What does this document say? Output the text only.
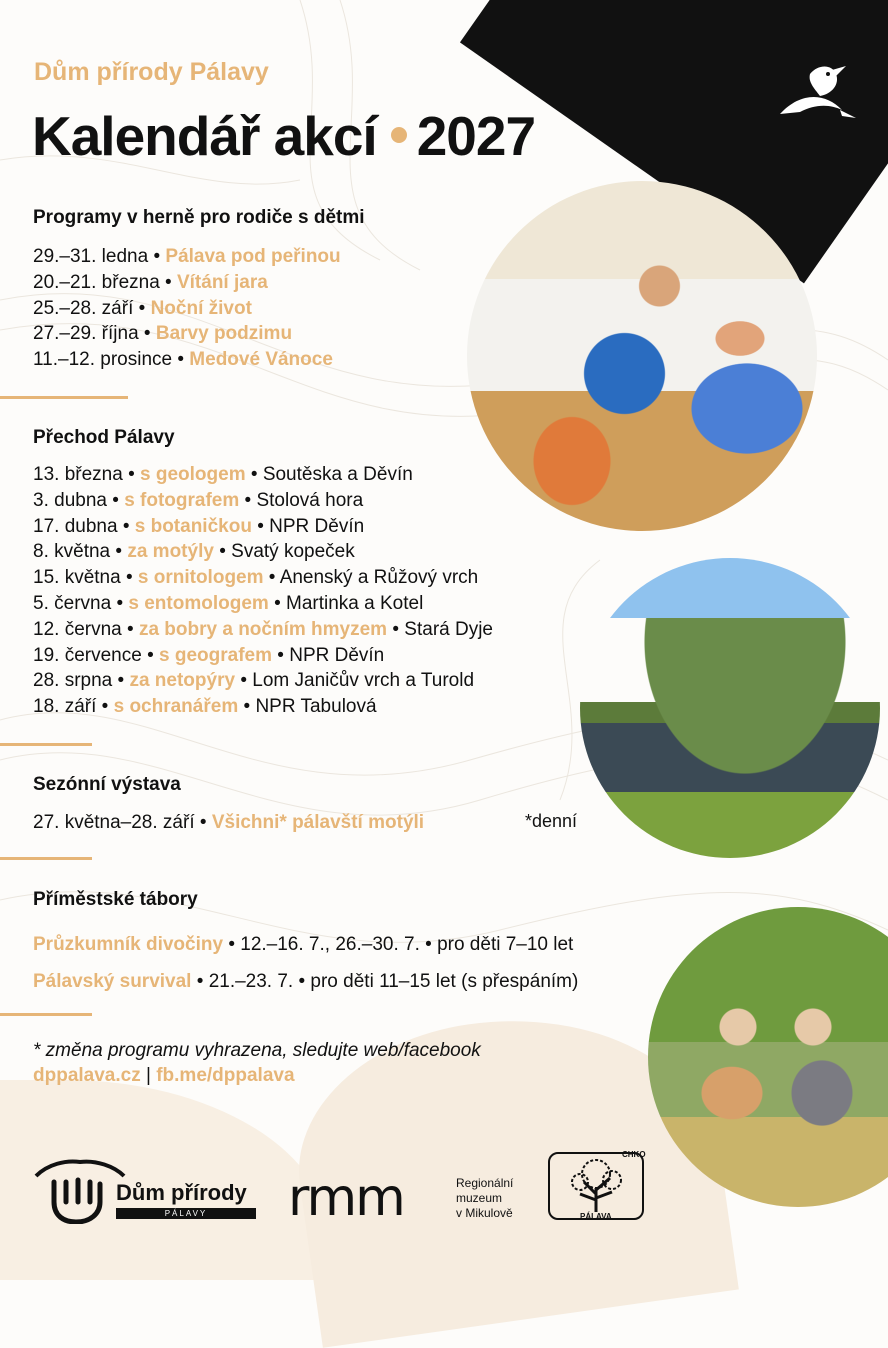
Dům přírody Pálavy
Kalendář akcí 2027
Programy v herně pro rodiče s dětmi
29.–31. ledna • Pálava pod peřinou
20.–21. března • Vítání jara
25.–28. září • Noční život
27.–29. října • Barvy podzimu
11.–12. prosince • Medové Vánoce
Přechod Pálavy
13. března • s geologem • Soutěska a Děvín
3. dubna • s fotografem • Stolová hora
17. dubna • s botaničkou • NPR Děvín
8. května • za motýly • Svatý kopeček
15. května • s ornitologem • Anenský a Růžový vrch
5. června • s entomologem • Martinka a Kotel
12. června • za bobry a nočním hmyzem • Stará Dyje
19. července • s geografem • NPR Děvín
28. srpna • za netopýry • Lom Janičův vrch a Turold
18. září • s ochranářem • NPR Tabulová
Sezónní výstava
27. května–28. září • Všichni* pálavští motýli	*denní
Příměstské tábory
Průzkumník divočiny • 12.–16. 7., 26.–30. 7. • pro děti 7–10 let
Pálavský survival • 21.–23. 7. • pro děti 11–15 let (s přespáním)
* změna programu vyhrazena, sledujte web/facebook
dppalava.cz | fb.me/dppalava
Dům přírody
PÁLAVY	rmm	Regionální
muzeum
v Mikulově
CHKO
PÁLAVA
